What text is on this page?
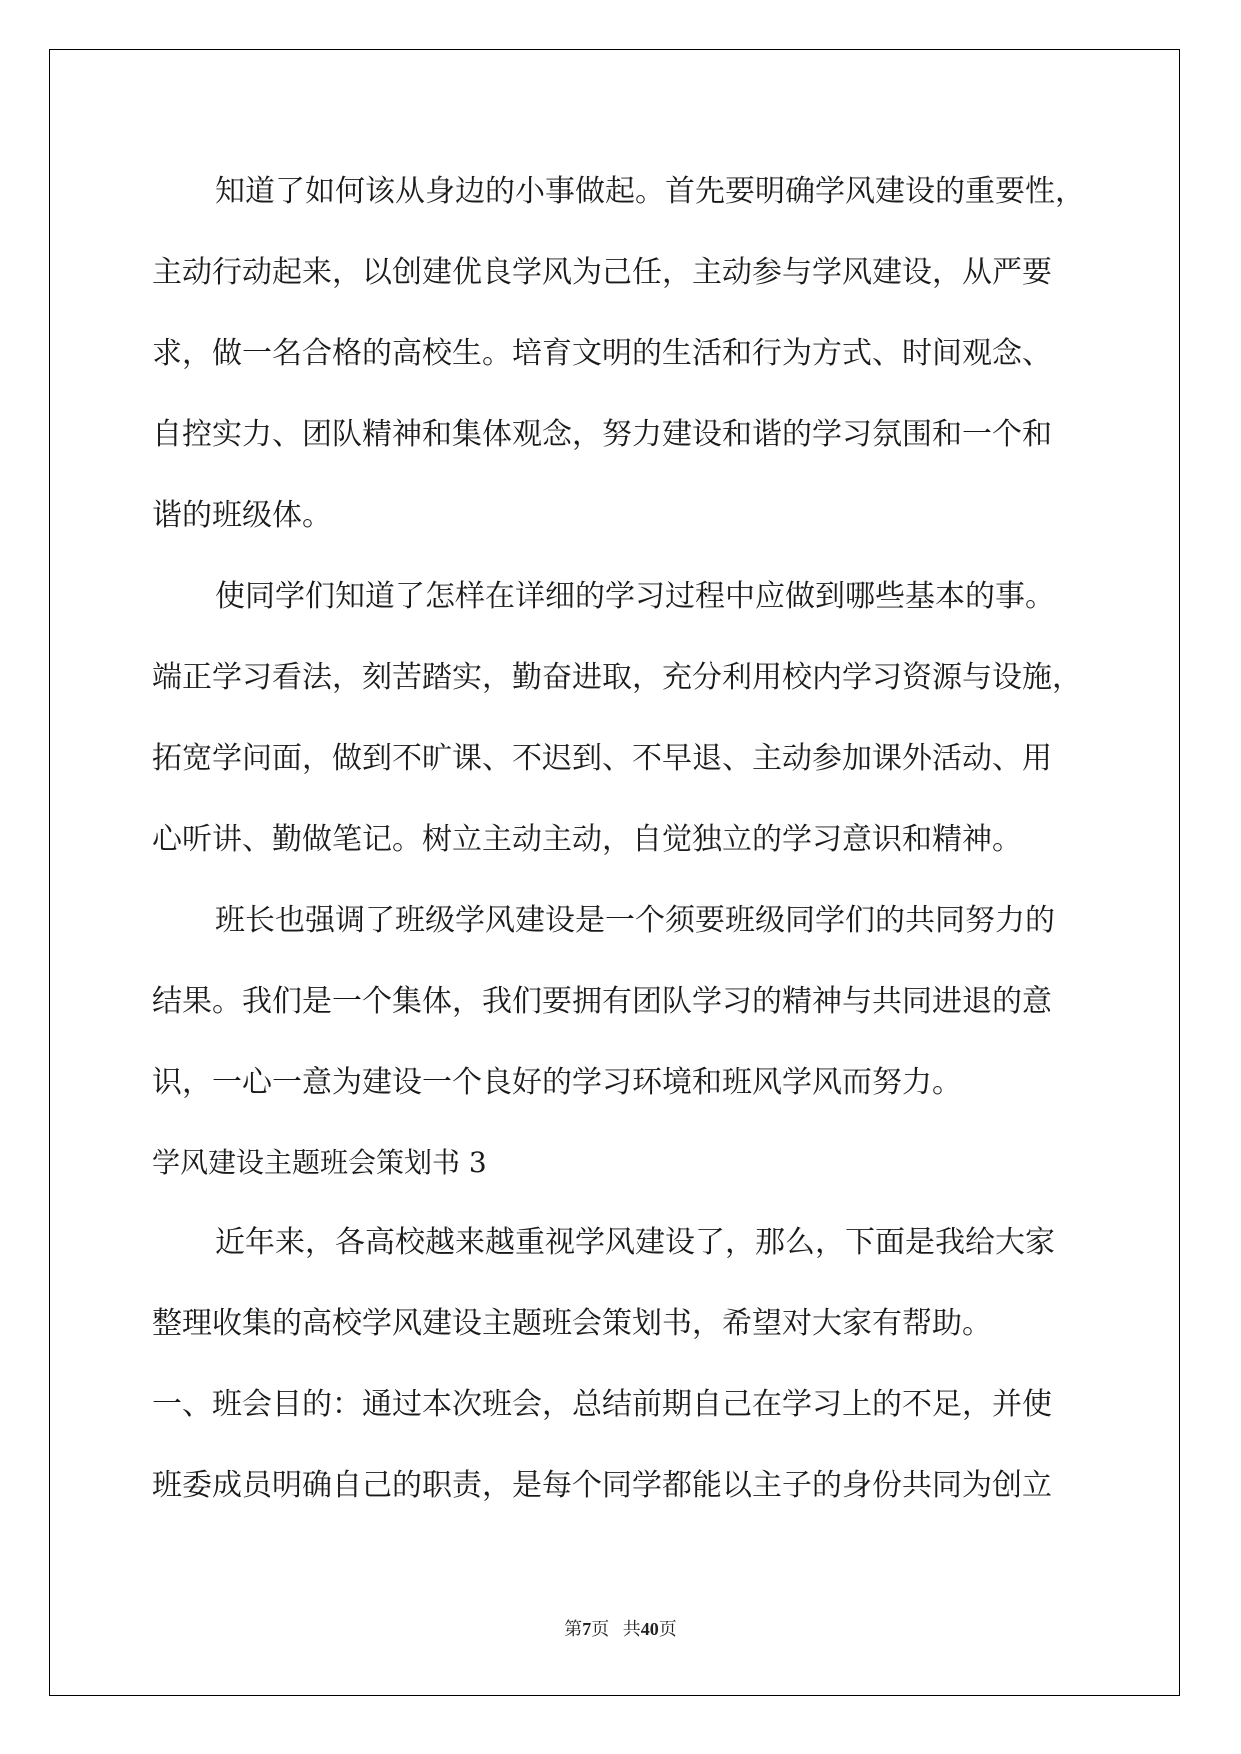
知道了如何该从身边的小事做起。首先要明确学风建设的重要性，

主动行动起来，以创建优良学风为己任，主动参与学风建设，从严要

求，做一名合格的高校生。培育文明的生活和行为方式、时间观念、

自控实力、团队精神和集体观念，努力建设和谐的学习氛围和一个和

谐的班级体。

使同学们知道了怎样在详细的学习过程中应做到哪些基本的事。

端正学习看法，刻苦踏实，勤奋进取，充分利用校内学习资源与设施，

拓宽学问面，做到不旷课、不迟到、不早退、主动参加课外活动、用

心听讲、勤做笔记。树立主动主动，自觉独立的学习意识和精神。

班长也强调了班级学风建设是一个须要班级同学们的共同努力的

结果。我们是一个集体，我们要拥有团队学习的精神与共同进退的意

识，一心一意为建设一个良好的学习环境和班风学风而努力。

学风建设主题班会策划书 3

近年来，各高校越来越重视学风建设了，那么，下面是我给大家

整理收集的高校学风建设主题班会策划书，希望对大家有帮助。

一、班会目的：通过本次班会，总结前期自己在学习上的不足，并使

班委成员明确自己的职责，是每个同学都能以主子的身份共同为创立

第7页 共40页
